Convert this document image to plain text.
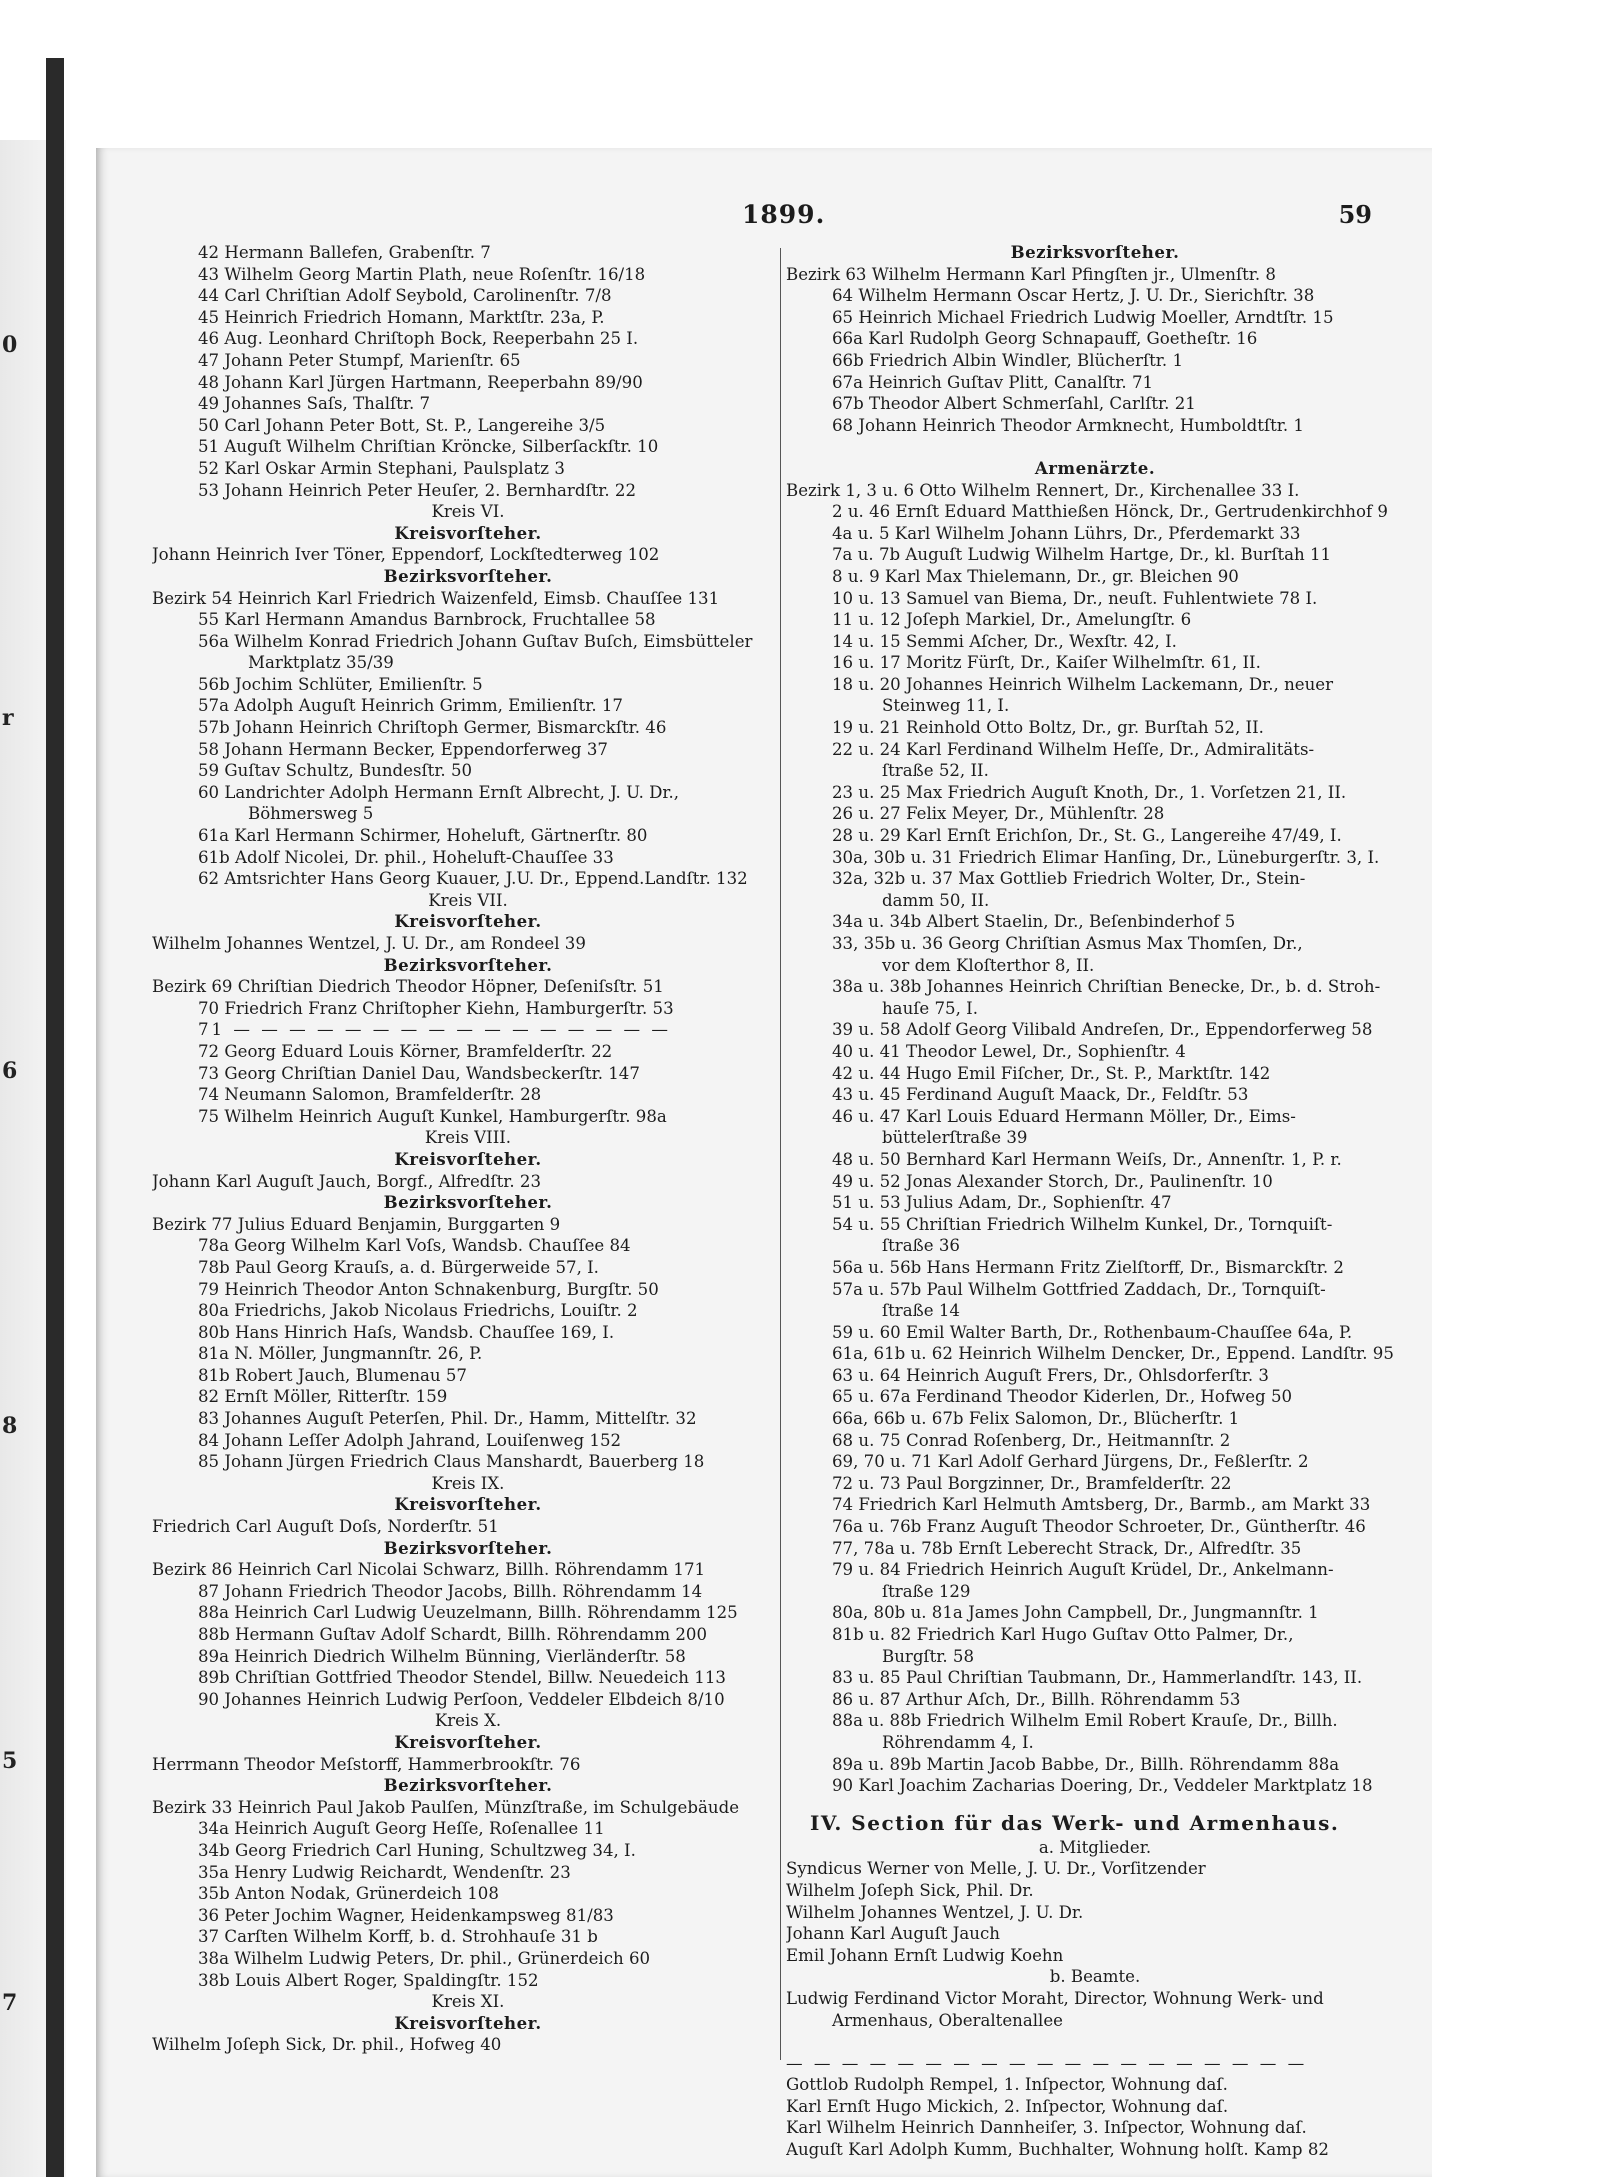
0
r
6
8
5
7
1899.	59
42 Hermann Ballefen, Grabenſtr. 7
43 Wilhelm Georg Martin Plath, neue Roſenſtr. 16/18
44 Carl Chriſtian Adolf Seybold, Carolinenſtr. 7/8
45 Heinrich Friedrich Homann, Marktſtr. 23a, P.
46 Aug. Leonhard Chriſtoph Bock, Reeperbahn 25 I.
47 Johann Peter Stumpf, Marienſtr. 65
48 Johann Karl Jürgen Hartmann, Reeperbahn 89/90
49 Johannes Saſs, Thalſtr. 7
50 Carl Johann Peter Bott, St. P., Langereihe 3/5
51 Auguſt Wilhelm Chriſtian Kröncke, Silberſackſtr. 10
52 Karl Oskar Armin Stephani, Paulsplatz 3
53 Johann Heinrich Peter Heuſer, 2. Bernhardſtr. 22
Kreis VI.
Kreisvorſteher.
Johann Heinrich Iver Töner, Eppendorf, Lockſtedterweg 102
Bezirksvorſteher.
Bezirk 54 Heinrich Karl Friedrich Waizenfeld, Eimsb. Chauſſee 131
55 Karl Hermann Amandus Barnbrock, Fruchtallee 58
56a Wilhelm Konrad Friedrich Johann Guſtav Buſch, Eimsbütteler
Marktplatz 35/39
56b Jochim Schlüter, Emilienſtr. 5
57a Adolph Auguſt Heinrich Grimm, Emilienſtr. 17
57b Johann Heinrich Chriſtoph Germer, Bismarckſtr. 46
58 Johann Hermann Becker, Eppendorferweg 37
59 Guſtav Schultz, Bundesſtr. 50
60 Landrichter Adolph Hermann Ernſt Albrecht, J. U. Dr.,
Böhmersweg 5
61a Karl Hermann Schirmer, Hoheluft, Gärtnerſtr. 80
61b Adolf Nicolei, Dr. phil., Hoheluft-Chauſſee 33
62 Amtsrichter Hans Georg Kuauer, J.U. Dr., Eppend.Landſtr. 132
Kreis VII.
Kreisvorſteher.
Wilhelm Johannes Wentzel, J. U. Dr., am Rondeel 39
Bezirksvorſteher.
Bezirk 69 Chriſtian Diedrich Theodor Höpner, Deſeniſsſtr. 51
70 Friedrich Franz Chriſtopher Kiehn, Hamburgerſtr. 53
71 — — — — — — — — — — — — — — — —
72 Georg Eduard Louis Körner, Bramfelderſtr. 22
73 Georg Chriſtian Daniel Dau, Wandsbeckerſtr. 147
74 Neumann Salomon, Bramfelderſtr. 28
75 Wilhelm Heinrich Auguſt Kunkel, Hamburgerſtr. 98a
Kreis VIII.
Kreisvorſteher.
Johann Karl Auguſt Jauch, Borgf., Alfredſtr. 23
Bezirksvorſteher.
Bezirk 77 Julius Eduard Benjamin, Burggarten 9
78a Georg Wilhelm Karl Voſs, Wandsb. Chauſſee 84
78b Paul Georg Krauſs, a. d. Bürgerweide 57, I.
79 Heinrich Theodor Anton Schnakenburg, Burgſtr. 50
80a Friedrichs, Jakob Nicolaus Friedrichs, Louiſtr. 2
80b Hans Hinrich Haſs, Wandsb. Chauſſee 169, I.
81a N. Möller, Jungmannſtr. 26, P.
81b Robert Jauch, Blumenau 57
82 Ernſt Möller, Ritterſtr. 159
83 Johannes Auguſt Peterſen, Phil. Dr., Hamm, Mittelſtr. 32
84 Johann Leſſer Adolph Jahrand, Louiſenweg 152
85 Johann Jürgen Friedrich Claus Manshardt, Bauerberg 18
Kreis IX.
Kreisvorſteher.
Friedrich Carl Auguſt Doſs, Norderſtr. 51
Bezirksvorſteher.
Bezirk 86 Heinrich Carl Nicolai Schwarz, Billh. Röhrendamm 171
87 Johann Friedrich Theodor Jacobs, Billh. Röhrendamm 14
88a Heinrich Carl Ludwig Ueuzelmann, Billh. Röhrendamm 125
88b Hermann Guſtav Adolf Schardt, Billh. Röhrendamm 200
89a Heinrich Diedrich Wilhelm Bünning, Vierländerſtr. 58
89b Chriſtian Gottfried Theodor Stendel, Billw. Neuedeich 113
90 Johannes Heinrich Ludwig Perſoon, Veddeler Elbdeich 8/10
Kreis X.
Kreisvorſteher.
Herrmann Theodor Meſstorff, Hammerbrookſtr. 76
Bezirksvorſteher.
Bezirk 33 Heinrich Paul Jakob Paulſen, Münzſtraße, im Schulgebäude
34a Heinrich Auguſt Georg Heſſe, Roſenallee 11
34b Georg Friedrich Carl Huning, Schultzweg 34, I.
35a Henry Ludwig Reichardt, Wendenſtr. 23
35b Anton Nodak, Grünerdeich 108
36 Peter Jochim Wagner, Heidenkampsweg 81/83
37 Carſten Wilhelm Korff, b. d. Strohhauſe 31 b
38a Wilhelm Ludwig Peters, Dr. phil., Grünerdeich 60
38b Louis Albert Roger, Spaldingſtr. 152
Kreis XI.
Kreisvorſteher.
Wilhelm Joſeph Sick, Dr. phil., Hofweg 40
Bezirksvorſteher.
Bezirk 63 Wilhelm Hermann Karl Pfingſten jr., Ulmenſtr. 8
64 Wilhelm Hermann Oscar Hertz, J. U. Dr., Sierichſtr. 38
65 Heinrich Michael Friedrich Ludwig Moeller, Arndtſtr. 15
66a Karl Rudolph Georg Schnapauff, Goetheſtr. 16
66b Friedrich Albin Windler, Blücherſtr. 1
67a Heinrich Guſtav Plitt, Canalſtr. 71
67b Theodor Albert Schmerſahl, Carlſtr. 21
68 Johann Heinrich Theodor Armknecht, Humboldtſtr. 1

Armenärzte.
Bezirk 1, 3 u. 6 Otto Wilhelm Rennert, Dr., Kirchenallee 33 I.
2 u. 46 Ernſt Eduard Matthießen Hönck, Dr., Gertrudenkirchhof 9
4a u. 5 Karl Wilhelm Johann Lührs, Dr., Pferdemarkt 33
7a u. 7b Auguſt Ludwig Wilhelm Hartge, Dr., kl. Burſtah 11
8 u. 9 Karl Max Thielemann, Dr., gr. Bleichen 90
10 u. 13 Samuel van Biema, Dr., neuſt. Fuhlentwiete 78 I.
11 u. 12 Joſeph Markiel, Dr., Amelungſtr. 6
14 u. 15 Semmi Aſcher, Dr., Wexſtr. 42, I.
16 u. 17 Moritz Fürſt, Dr., Kaiſer Wilhelmſtr. 61, II.
18 u. 20 Johannes Heinrich Wilhelm Lackemann, Dr., neuer
Steinweg 11, I.
19 u. 21 Reinhold Otto Boltz, Dr., gr. Burſtah 52, II.
22 u. 24 Karl Ferdinand Wilhelm Heſſe, Dr., Admiralitäts-
ſtraße 52, II.
23 u. 25 Max Friedrich Auguſt Knoth, Dr., 1. Vorſetzen 21, II.
26 u. 27 Felix Meyer, Dr., Mühlenſtr. 28
28 u. 29 Karl Ernſt Erichſon, Dr., St. G., Langereihe 47/49, I.
30a, 30b u. 31 Friedrich Elimar Hanſing, Dr., Lüneburgerſtr. 3, I.
32a, 32b u. 37 Max Gottlieb Friedrich Wolter, Dr., Stein-
damm 50, II.
34a u. 34b Albert Staelin, Dr., Beſenbinderhof 5
33, 35b u. 36 Georg Chriſtian Asmus Max Thomſen, Dr.,
vor dem Kloſterthor 8, II.
38a u. 38b Johannes Heinrich Chriſtian Benecke, Dr., b. d. Stroh-
hauſe 75, I.
39 u. 58 Adolf Georg Vilibald Andreſen, Dr., Eppendorferweg 58
40 u. 41 Theodor Lewel, Dr., Sophienſtr. 4
42 u. 44 Hugo Emil Fiſcher, Dr., St. P., Marktſtr. 142
43 u. 45 Ferdinand Auguſt Maack, Dr., Feldſtr. 53
46 u. 47 Karl Louis Eduard Hermann Möller, Dr., Eims-
büttelerſtraße 39
48 u. 50 Bernhard Karl Hermann Weiſs, Dr., Annenſtr. 1, P. r.
49 u. 52 Jonas Alexander Storch, Dr., Paulinenſtr. 10
51 u. 53 Julius Adam, Dr., Sophienſtr. 47
54 u. 55 Chriſtian Friedrich Wilhelm Kunkel, Dr., Tornquiſt-
ſtraße 36
56a u. 56b Hans Hermann Fritz Zielſtorff, Dr., Bismarckſtr. 2
57a u. 57b Paul Wilhelm Gottfried Zaddach, Dr., Tornquiſt-
ſtraße 14
59 u. 60 Emil Walter Barth, Dr., Rothenbaum-Chauſſee 64a, P.
61a, 61b u. 62 Heinrich Wilhelm Dencker, Dr., Eppend. Landſtr. 95
63 u. 64 Heinrich Auguſt Frers, Dr., Ohlsdorferſtr. 3
65 u. 67a Ferdinand Theodor Kiderlen, Dr., Hofweg 50
66a, 66b u. 67b Felix Salomon, Dr., Blücherſtr. 1
68 u. 75 Conrad Roſenberg, Dr., Heitmannſtr. 2
69, 70 u. 71 Karl Adolf Gerhard Jürgens, Dr., Feßlerſtr. 2
72 u. 73 Paul Borgzinner, Dr., Bramfelderſtr. 22
74 Friedrich Karl Helmuth Amtsberg, Dr., Barmb., am Markt 33
76a u. 76b Franz Auguſt Theodor Schroeter, Dr., Güntherſtr. 46
77, 78a u. 78b Ernſt Leberecht Strack, Dr., Alfredſtr. 35
79 u. 84 Friedrich Heinrich Auguſt Krüdel, Dr., Ankelmann-
ſtraße 129
80a, 80b u. 81a James John Campbell, Dr., Jungmannſtr. 1
81b u. 82 Friedrich Karl Hugo Guſtav Otto Palmer, Dr.,
Burgſtr. 58
83 u. 85 Paul Chriſtian Taubmann, Dr., Hammerlandſtr. 143, II.
86 u. 87 Arthur Aſch, Dr., Billh. Röhrendamm 53
88a u. 88b Friedrich Wilhelm Emil Robert Krauſe, Dr., Billh.
Röhrendamm 4, I.
89a u. 89b Martin Jacob Babbe, Dr., Billh. Röhrendamm 88a
90 Karl Joachim Zacharias Doering, Dr., Veddeler Marktplatz 18
IV. Section für das Werk- und Armenhaus.
a. Mitglieder.
Syndicus Werner von Melle, J. U. Dr., Vorſitzender
Wilhelm Joſeph Sick, Phil. Dr.
Wilhelm Johannes Wentzel, J. U. Dr.
Johann Karl Auguſt Jauch
Emil Johann Ernſt Ludwig Koehn
b. Beamte.
Ludwig Ferdinand Victor Moraht, Director, Wohnung Werk- und
Armenhaus, Oberaltenallee

— — — — — — — — — — — — — — — — — — —
Gottlob Rudolph Rempel, 1. Inſpector, Wohnung daſ.
Karl Ernſt Hugo Mickich, 2. Inſpector, Wohnung daſ.
Karl Wilhelm Heinrich Dannheiſer, 3. Inſpector, Wohnung daſ.
Auguſt Karl Adolph Kumm, Buchhalter, Wohnung holſt. Kamp 82
